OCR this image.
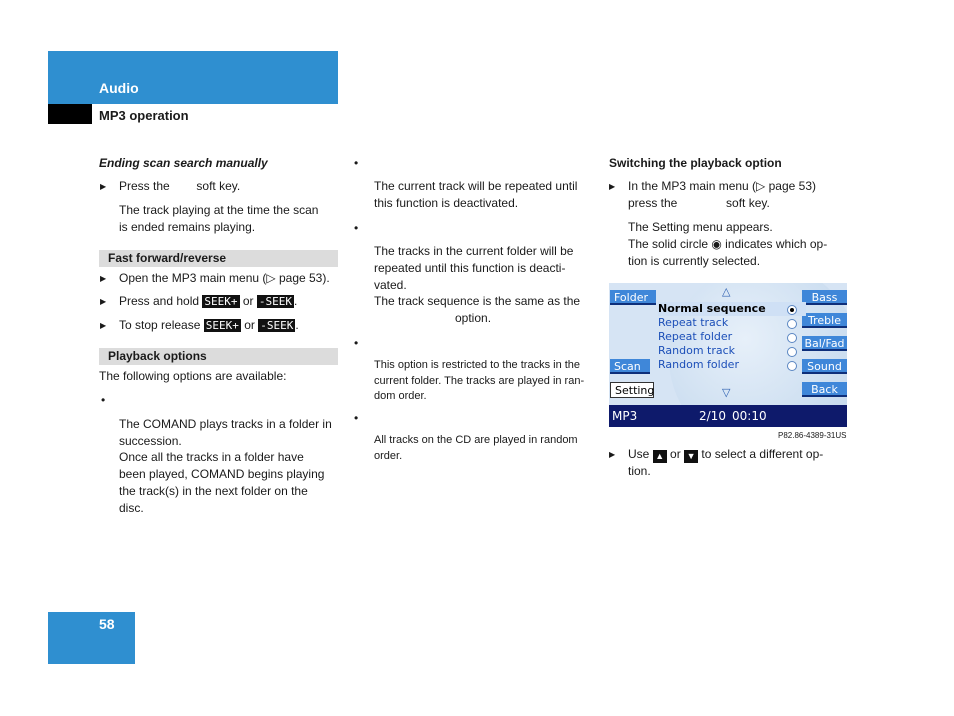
Audio
MP3 operation
Ending scan search manually
▶ Press the soft key.
The track playing at the time the scan
is ended remains playing.
Fast forward/reverse
▶ Open the MP3 main menu (▷ page 53).
▶ Press and hold SEEK+ or -SEEK .
▶ To stop release SEEK+ or -SEEK .
Playback options
The following options are available:
•
The COMAND plays tracks in a folder in
succession.
Once all the tracks in a folder have
been played, COMAND begins playing
the track(s) in the next folder on the
disc.
•
The current track will be repeated until
this function is deactivated.
•
The tracks in the current folder will be
repeated until this function is deacti-
vated.
The track sequence is the same as the
option.
•
This option is restricted to the tracks in the
current folder. The tracks are played in ran-
dom order.
•
All tracks on the CD are played in random
order.
Switching the playback option
▶ In the MP3 main menu (▷ page 53)
press the	soft key.
The Setting menu appears.
The solid circle ◉ indicates which op-
tion is currently selected.
Folder
Scan
Setting
Bass
Treble
Bal/Fad
Sound
Back
△
▽
Normal sequence
Repeat track
Repeat folder
Random track
Random folder
MP3	2/10 00:10
P82.86-4389-31US
▶ Use ▲ or ▼ to select a different op-
tion.
58
